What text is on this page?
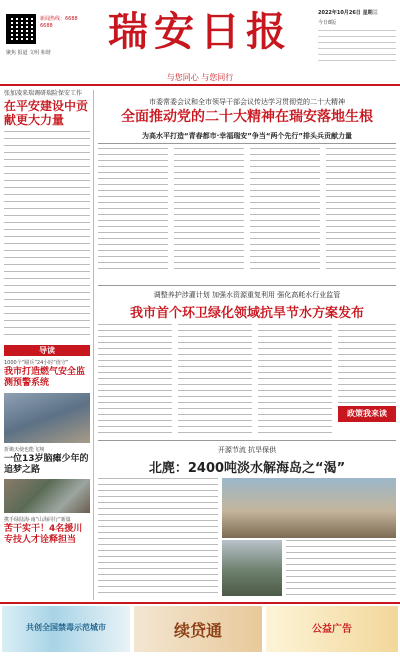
新闻热线：6688 6688
聚焦 报道 文明 和谐	瑞安日报
与您同心 与您同行
2022年10月26日 星期三
今日8版
张加凌来瑞调研瑞险保安工作
在平安建设中贡献更大力量
导读
1000个“瞄兵”24小时“值守”
我市打造燃气安全监测预警系统
折锄天使也能飞翔
一位13岁脑瘫少年的追梦之路
携手绿陆海·南“山海同行”新篇
苦干实干！4名援川专技人才诠释担当
市委常委会议和全市领导干部会议传达学习贯彻党的二十大精神
全面推动党的二十大精神在瑞安落地生根
为高水平打造“青春都市·幸福瑞安”争当“两个先行”排头兵贡献力量
调整养护涉灌计划 加强水资源重复利用 强化高耗水行业监管
我市首个环卫绿化领域抗旱节水方案发布
政策我来读
开源节流 抗旱保供
北麂：2400吨淡水解海岛之“渴”
共创全国禁毒示范城市	续贷通	公益广告
